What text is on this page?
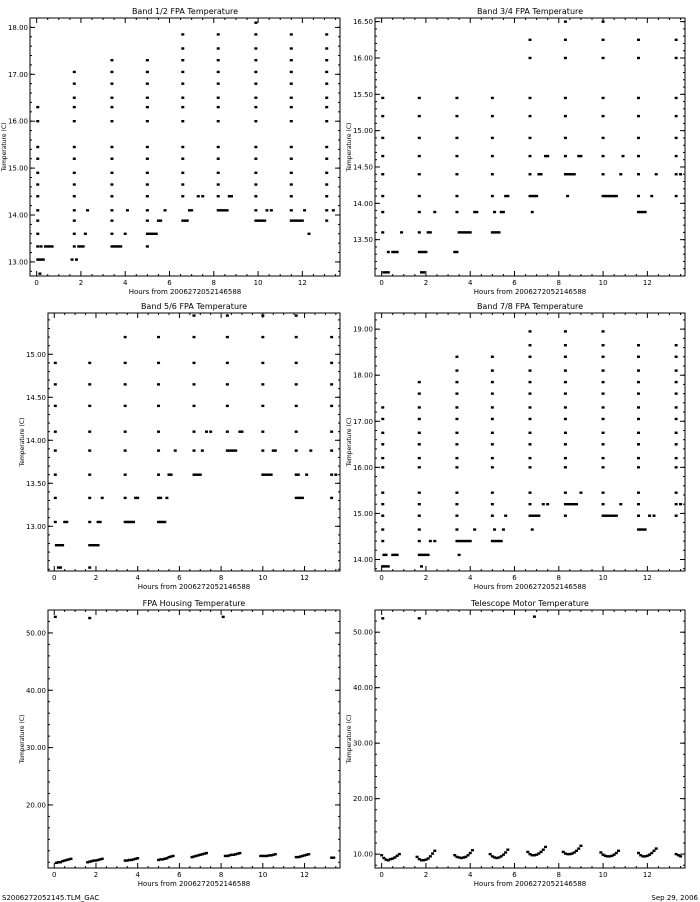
Band 1/2 FPA Temperature
Hours from 2006272052146588
Temperature (C)
0	2	4	6	8	10	12
13.00
14.00
15.00
16.00
17.00
18.00
Band 3/4 FPA Temperature
Hours from 2006272052146588
Temperature (C)
0	2	4	6	8	10	12
13.50
14.00
14.50
15.00
15.50
16.00
16.50
Band 5/6 FPA Temperature
Hours from 2006272052146588
Temperature (C)
0	2	4	6	8	10	12
13.00
13.50
14.00
14.50
15.00
Band 7/8 FPA Temperature
Hours from 2006272052146588
Temperature (C)
0	2	4	6	8	10	12
14.00
15.00
16.00
17.00
18.00
19.00
FPA Housing Temperature
Hours from 2006272052146588
Temperature (C)
0	2	4	6	8	10	12
20.00
30.00
40.00
50.00
Telescope Motor Temperature
Hours from 2006272052146588
Temperature (C)
0	2	4	6	8	10	12
10.00
20.00
30.00
40.00
50.00
S2006272052145.TLM_GAC	Sep 29, 2006
